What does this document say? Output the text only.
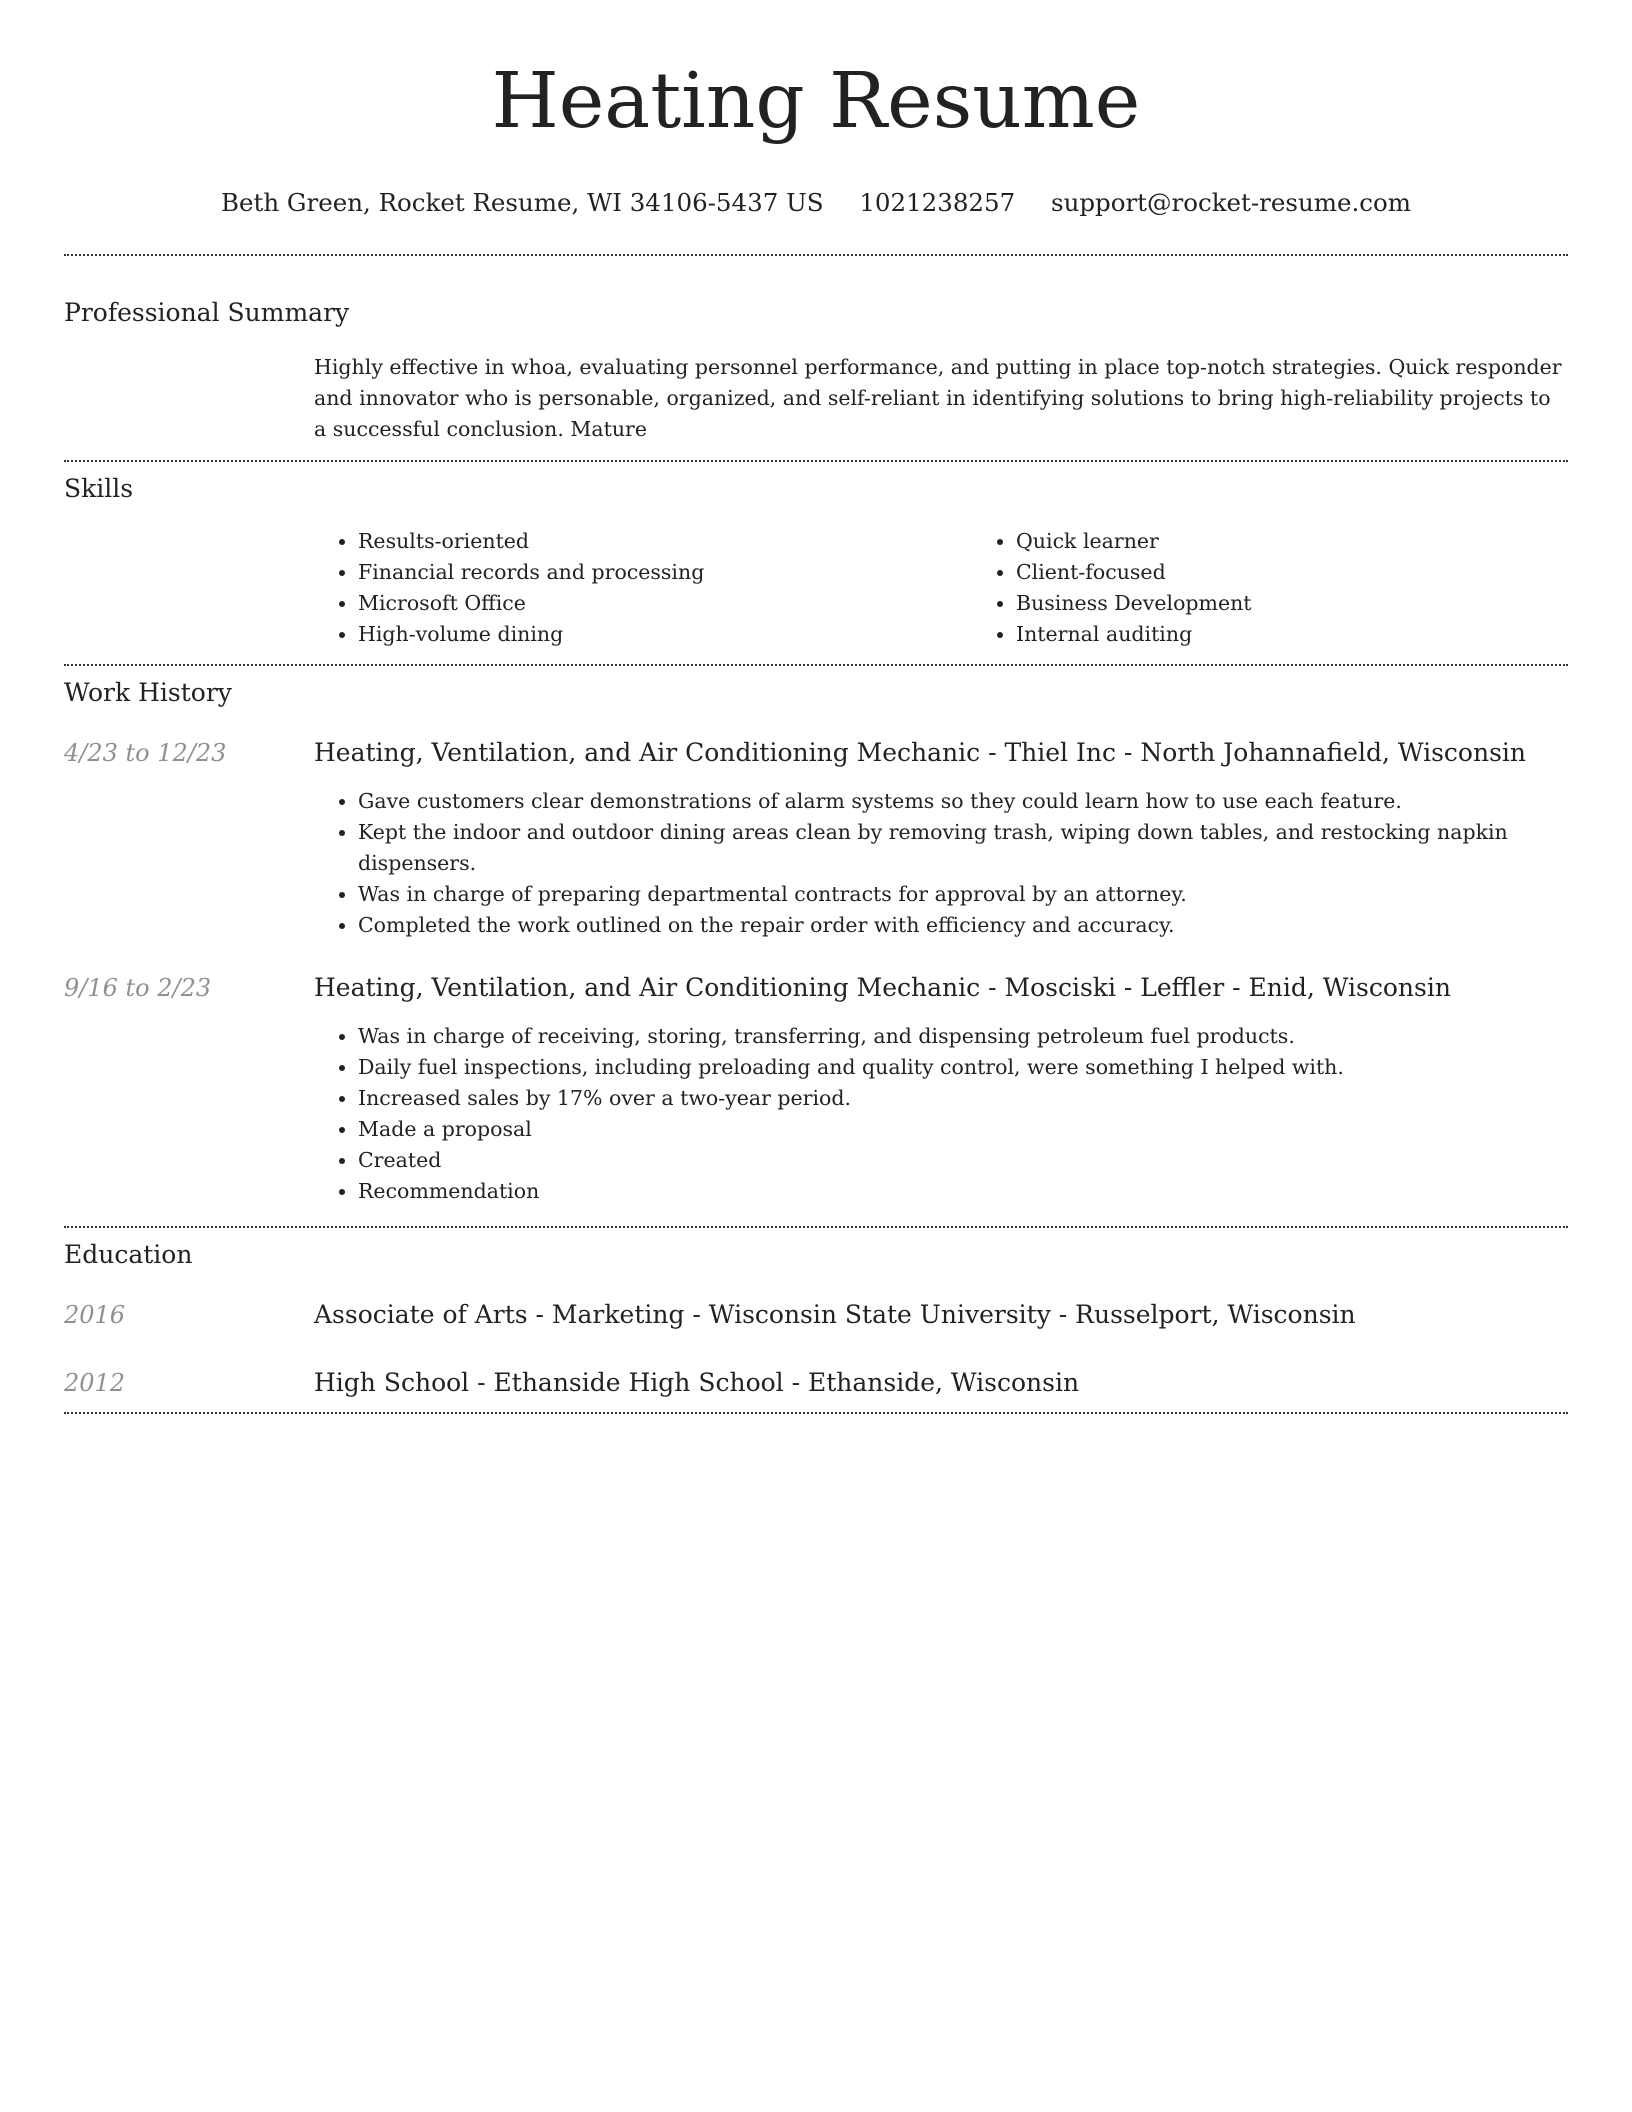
Heating Resume
Beth Green, Rocket Resume, WI 34106-5437 US 1021238257 support@rocket-resume.com
Professional Summary
Highly effective in whoa, evaluating personnel performance, and putting in place top-notch strategies. Quick responder and innovator who is personable, organized, and self-reliant in identifying solutions to bring high-reliability projects to a successful conclusion. Mature
Skills
• Results-oriented
• Financial records and processing
• Microsoft Office
• High-volume dining
• Quick learner
• Client-focused
• Business Development
• Internal auditing
Work History
4/23 to 12/23	Heating, Ventilation, and Air Conditioning Mechanic - Thiel Inc - North Johannafield, Wisconsin
• Gave customers clear demonstrations of alarm systems so they could learn how to use each feature.
• Kept the indoor and outdoor dining areas clean by removing trash, wiping down tables, and restocking napkin dispensers.
• Was in charge of preparing departmental contracts for approval by an attorney.
• Completed the work outlined on the repair order with efficiency and accuracy.
9/16 to 2/23	Heating, Ventilation, and Air Conditioning Mechanic - Mosciski - Leffler - Enid, Wisconsin
• Was in charge of receiving, storing, transferring, and dispensing petroleum fuel products.
• Daily fuel inspections, including preloading and quality control, were something I helped with.
• Increased sales by 17% over a two-year period.
• Made a proposal
• Created
• Recommendation
Education
2016	Associate of Arts - Marketing - Wisconsin State University - Russelport, Wisconsin
2012	High School - Ethanside High School - Ethanside, Wisconsin
